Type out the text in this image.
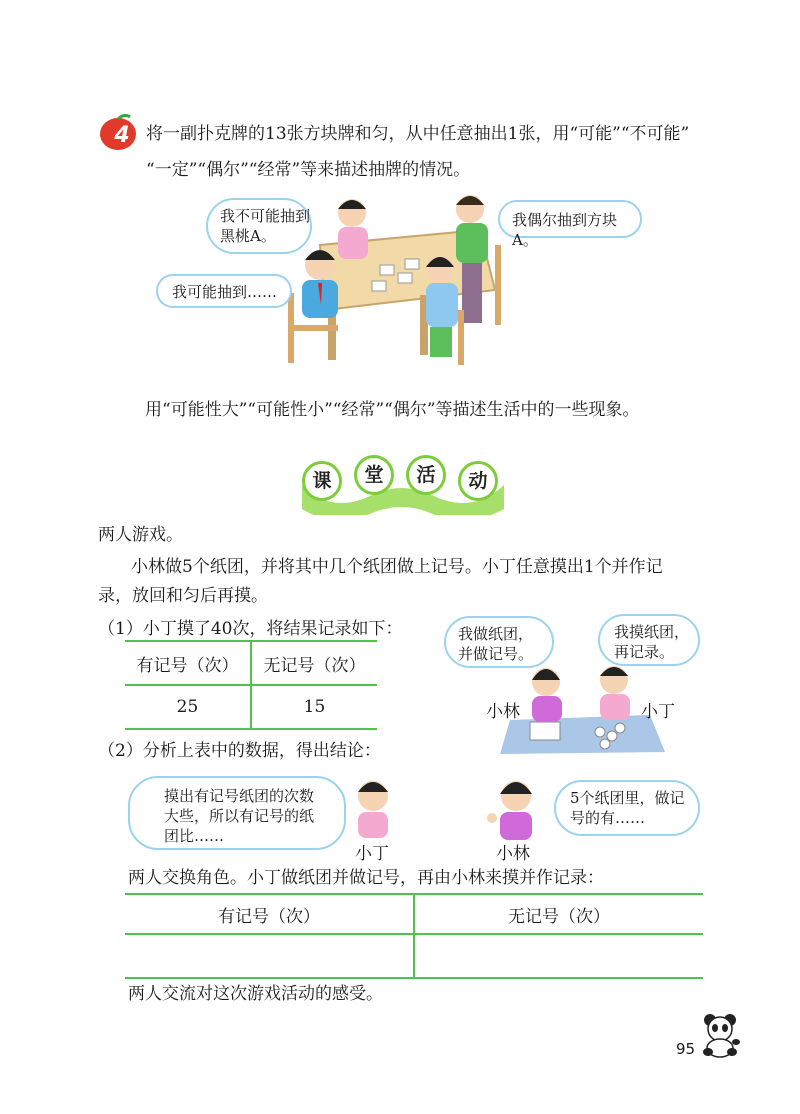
4 将一副扑克牌的13张方块牌和匀，从中任意抽出1张，用“可能”“不可能”
“一定”“偶尔”“经常”等来描述抽牌的情况。
我不可能抽到
黑桃A。
我偶尔抽到方块A。
我可能抽到……
用“可能性大”“可能性小”“经常”“偶尔”等描述生活中的一些现象。
课	堂	活	动
两人游戏。
小林做5个纸团，并将其中几个纸团做上记号。小丁任意摸出1个并作记
录，放回和匀后再摸。
（1）小丁摸了40次，将结果记录如下：
有记号（次）	无记号（次）
25	15
我做纸团，
并做记号。
我摸纸团，
再记录。
小林	小丁
（2）分析上表中的数据，得出结论：
摸出有记号纸团的次数
大些，所以有记号的纸
团比……
小丁
5个纸团里，做记
号的有……
小林
两人交换角色。小丁做纸团并做记号，再由小林来摸并作记录：
有记号（次）	无记号（次）

两人交流对这次游戏活动的感受。
95
